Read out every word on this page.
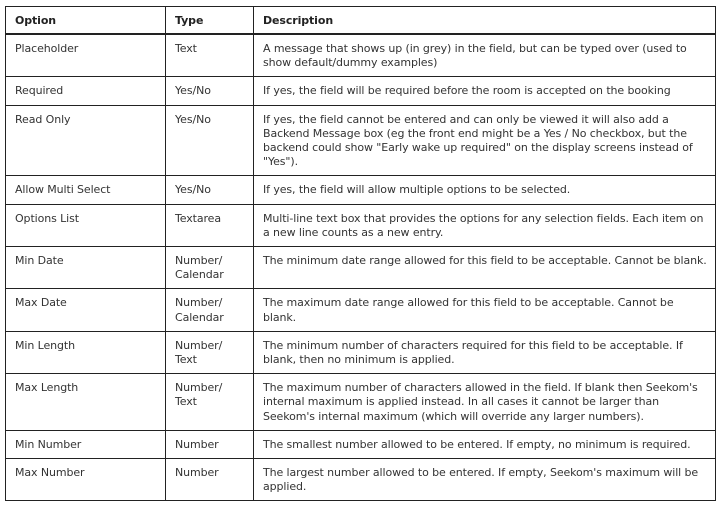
Option	Type	Description
Placeholder	Text	A message that shows up (in grey) in the field, but can be typed over (used to show default/dummy examples)
Required	Yes/No	If yes, the field will be required before the room is accepted on the booking
Read Only	Yes/No	If yes, the field cannot be entered and can only be viewed it will also add a Backend Message box (eg the front end might be a Yes / No checkbox, but the backend could show "Early wake up required" on the display screens instead of "Yes").
Allow Multi Select	Yes/No	If yes, the field will allow multiple options to be selected.
Options List	Textarea	Multi-line text box that provides the options for any selection fields. Each item on a new line counts as a new entry.
Min Date	Number/ Calendar	The minimum date range allowed for this field to be acceptable. Cannot be blank.
Max Date	Number/ Calendar	The maximum date range allowed for this field to be acceptable. Cannot be blank.
Min Length	Number/ Text	The minimum number of characters required for this field to be acceptable. If blank, then no minimum is applied.
Max Length	Number/ Text	The maximum number of characters allowed in the field. If blank then Seekom's internal maximum is applied instead. In all cases it cannot be larger than Seekom's internal maximum (which will override any larger numbers).
Min Number	Number	The smallest number allowed to be entered. If empty, no minimum is required.
Max Number	Number	The largest number allowed to be entered. If empty, Seekom's maximum will be applied.
